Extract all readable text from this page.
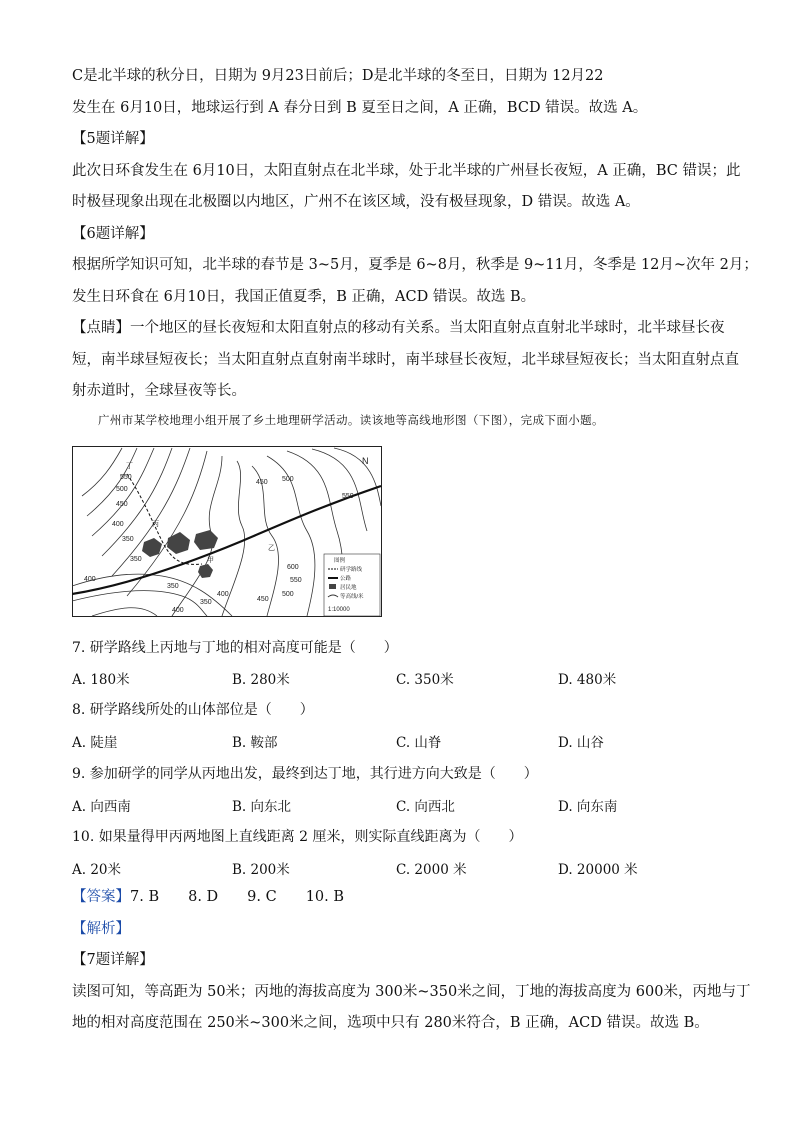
C是北半球的秋分日，日期为 9月23日前后；D是北半球的冬至日，日期为 12月22
发生在 6月10日，地球运行到 A 春分日到 B 夏至日之间，A 正确，BCD 错误。故选 A。
【5题详解】
此次日环食发生在 6月10日，太阳直射点在北半球，处于北半球的广州昼长夜短，A 正确，BC 错误；此
时极昼现象出现在北极圈以内地区，广州不在该区域，没有极昼现象，D 错误。故选 A。
【6题详解】
根据所学知识可知，北半球的春节是 3~5月，夏季是 6~8月，秋季是 9~11月，冬季是 12月~次年 2月；
发生日环食在 6月10日，我国正值夏季，B 正确，ACD 错误。故选 B。
【点睛】一个地区的昼长夜短和太阳直射点的移动有关系。当太阳直射点直射北半球时，北半球昼长夜
短，南半球昼短夜长；当太阳直射点直射南半球时，南半球昼长夜短，北半球昼短夜长；当太阳直射点直
射赤道时，全球昼夜等长。
广州市某学校地理小组开展了乡土地理研学活动。读该地等高线地形图（下图），完成下面小题。
丁
丙
甲
乙
N
550
500
450
400
350
350
450 500
550
600
550
500
450
400
350
400
350
400
图例
研学路线
公路
居民地
等高线/米
1:10000
7. 研学路线上丙地与丁地的相对高度可能是（　　）
A. 180米	B. 280米	C. 350米	D. 480米
8. 研学路线所处的山体部位是（　　）
A. 陡崖	B. 鞍部	C. 山脊	D. 山谷
9. 参加研学的同学从丙地出发，最终到达丁地，其行进方向大致是（　　）
A. 向西南	B. 向东北	C. 向西北	D. 向东南
10. 如果量得甲丙两地图上直线距离 2 厘米，则实际直线距离为（　　）
A. 20米	B. 200米	C. 2000 米	D. 20000 米
【答案】7. B　　8. D　　9. C　　10. B
【解析】
【7题详解】
读图可知，等高距为 50米；丙地的海拔高度为 300米~350米之间，丁地的海拔高度为 600米，丙地与丁
地的相对高度范围在 250米~300米之间，选项中只有 280米符合，B 正确，ACD 错误。故选 B。
